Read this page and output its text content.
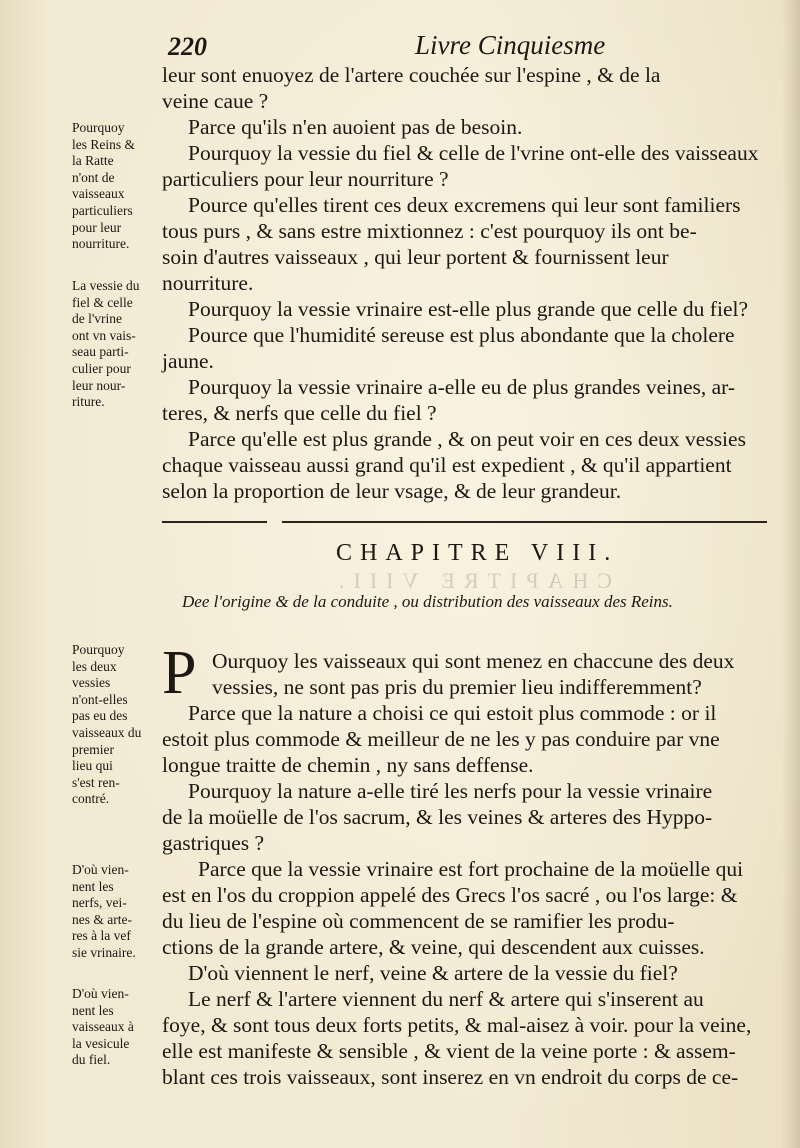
220	Livre Cinquiesme
leur sont enuoyez de l'artere couchée sur l'espine , & de la
veine caue ?
Parce qu'ils n'en auoient pas de besoin.
Pourquoy la vessie du fiel & celle de l'vrine ont-elle des vaisseaux
particuliers pour leur nourriture ?
Pource qu'elles tirent ces deux excremens qui leur sont familiers
tous purs , & sans estre mixtionnez : c'est pourquoy ils ont be-
soin d'autres vaisseaux , qui leur portent & fournissent leur
nourriture.
Pourquoy la vessie vrinaire est-elle plus grande que celle du fiel?
Pource que l'humidité sereuse est plus abondante que la cholere
jaune.
Pourquoy la vessie vrinaire a-elle eu de plus grandes veines, ar-
teres, & nerfs que celle du fiel ?
Parce qu'elle est plus grande , & on peut voir en ces deux vessies
chaque vaisseau aussi grand qu'il est expedient , & qu'il appartient
selon la proportion de leur vsage, & de leur grandeur.
Pourquoy
les Reins &
la Ratte
n'ont de
vaisseaux
particuliers
pour leur
nourriture.
La vessie du
fiel & celle
de l'vrine
ont vn vais-
seau parti-
culier pour
leur nour-
riture.
Pourquoy
les deux
vessies
n'ont-elles
pas eu des
vaisseaux du
premier
lieu qui
s'est ren-
contré.
D'où vien-
nent les
nerfs, vei-
nes & arte-
res à la vef
sie vrinaire.
D'où vien-
nent les
vaisseaux à
la vesicule
du fiel.
CHAPITRE VIII.
CHAPITRE VIII.
Dee l'origine & de la conduite , ou distribution des vaisseaux des Reins.
P Ourquoy les vaisseaux qui sont menez en chaccune des deux
vessies, ne sont pas pris du premier lieu indifferemment?
Parce que la nature a choisi ce qui estoit plus commode : or il
estoit plus commode & meilleur de ne les y pas conduire par vne
longue traitte de chemin , ny sans deffense.
Pourquoy la nature a-elle tiré les nerfs pour la vessie vrinaire
de la moüelle de l'os sacrum, & les veines & arteres des Hyppo-
gastriques ?
Parce que la vessie vrinaire est fort prochaine de la moüelle qui
est en l'os du croppion appelé des Grecs l'os sacré , ou l'os large: &
du lieu de l'espine où commencent de se ramifier les produ-
ctions de la grande artere, & veine, qui descendent aux cuisses.
D'où viennent le nerf, veine & artere de la vessie du fiel?
Le nerf & l'artere viennent du nerf & artere qui s'inserent au
foye, & sont tous deux forts petits, & mal-aisez à voir. pour la veine,
elle est manifeste & sensible , & vient de la veine porte : & assem-
blant ces trois vaisseaux, sont inserez en vn endroit du corps de ce-
